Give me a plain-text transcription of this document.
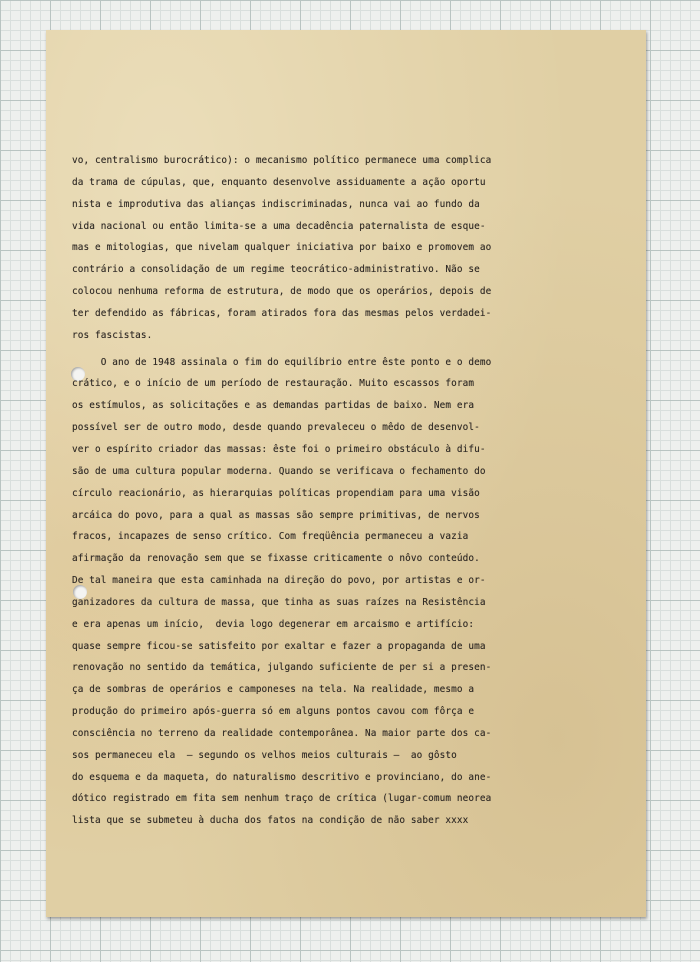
vo, centralismo burocrático): o mecanismo político permanece uma complica
da trama de cúpulas, que, enquanto desenvolve assiduamente a ação oportu
nista e improdutiva das alianças indiscriminadas, nunca vai ao fundo da
vida nacional ou então limita-se a uma decadência paternalista de esque-
mas e mitologias, que nivelam qualquer iniciativa por baixo e promovem ao
contrário a consolidação de um regime teocrático-administrativo. Não se
colocou nenhuma reforma de estrutura, de modo que os operários, depois de
ter defendido as fábricas, foram atirados fora das mesmas pelos verdadei-
ros fascistas.
O ano de 1948 assinala o fim do equilíbrio entre êste ponto e o demo
crático, e o início de um período de restauração. Muito escassos foram
os estímulos, as solicitações e as demandas partidas de baixo. Nem era
possível ser de outro modo, desde quando prevaleceu o mêdo de desenvol-
ver o espírito criador das massas: êste foi o primeiro obstáculo à difu-
são de uma cultura popular moderna. Quando se verificava o fechamento do
círculo reacionário, as hierarquias políticas propendiam para uma visão
arcáica do povo, para a qual as massas são sempre primitivas, de nervos
fracos, incapazes de senso crítico. Com freqüência permaneceu a vazia
afirmação da renovação sem que se fixasse criticamente o nôvo conteúdo.
De tal maneira que esta caminhada na direção do povo, por artistas e or-
ganizadores da cultura de massa, que tinha as suas raízes na Resistência
e era apenas um início,  devia logo degenerar em arcaismo e artifício:
quase sempre ficou-se satisfeito por exaltar e fazer a propaganda de uma
renovação no sentido da temática, julgando suficiente de per si a presen-
ça de sombras de operários e camponeses na tela. Na realidade, mesmo a
produção do primeiro após-guerra só em alguns pontos cavou com fôrça e
consciência no terreno da realidade contemporânea. Na maior parte dos ca-
sos permaneceu ela  — segundo os velhos meios culturais —  ao gôsto
do esquema e da maqueta, do naturalismo descritivo e provinciano, do ane-
dótico registrado em fita sem nenhum traço de crítica (lugar-comum neorea
lista que se submeteu à ducha dos fatos na condição de não saber xxxx
